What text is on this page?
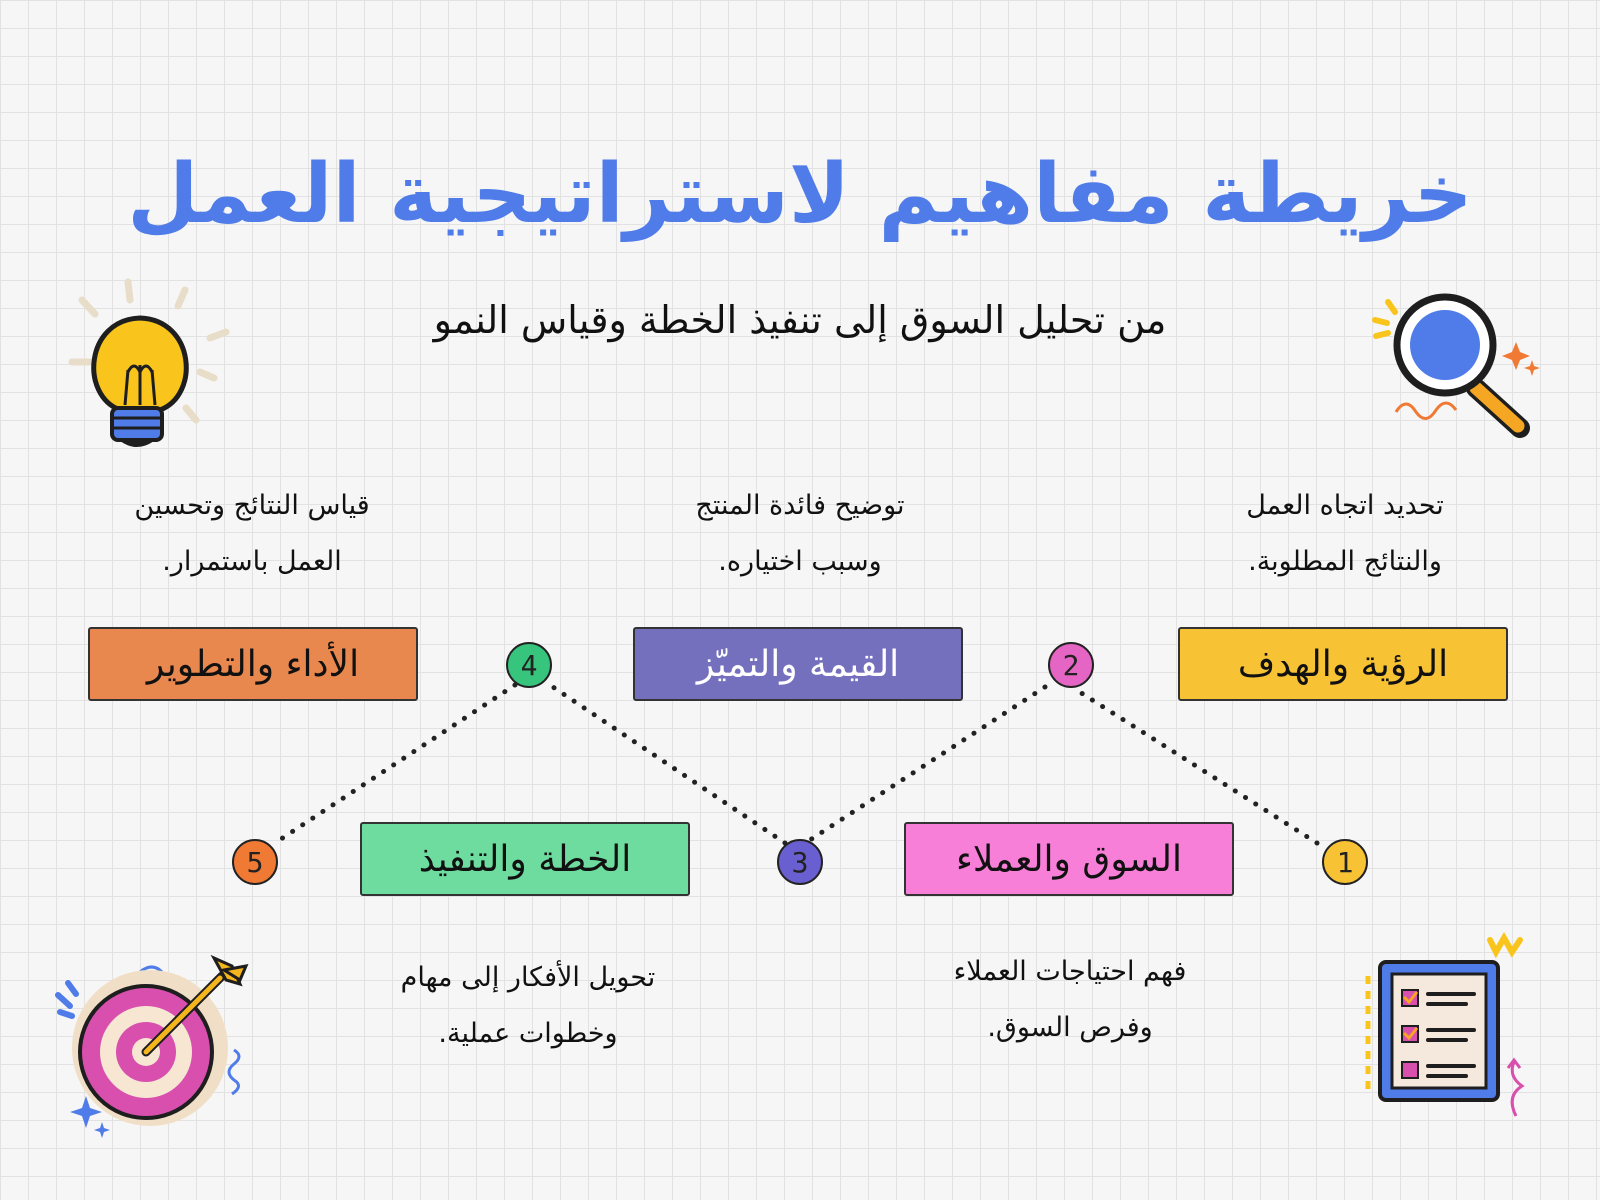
خريطة مفاهيم لاستراتيجية العمل
من تحليل السوق إلى تنفيذ الخطة وقياس النمو
تحديد اتجاه العمل
والنتائج المطلوبة.
الرؤية والهدف
1
2
السوق والعملاء
فهم احتياجات العملاء
وفرص السوق.
توضيح فائدة المنتج
وسبب اختياره.
القيمة والتميّز
3
4
الخطة والتنفيذ
تحويل الأفكار إلى مهام
وخطوات عملية.
قياس النتائج وتحسين
العمل باستمرار.
الأداء والتطوير
5
